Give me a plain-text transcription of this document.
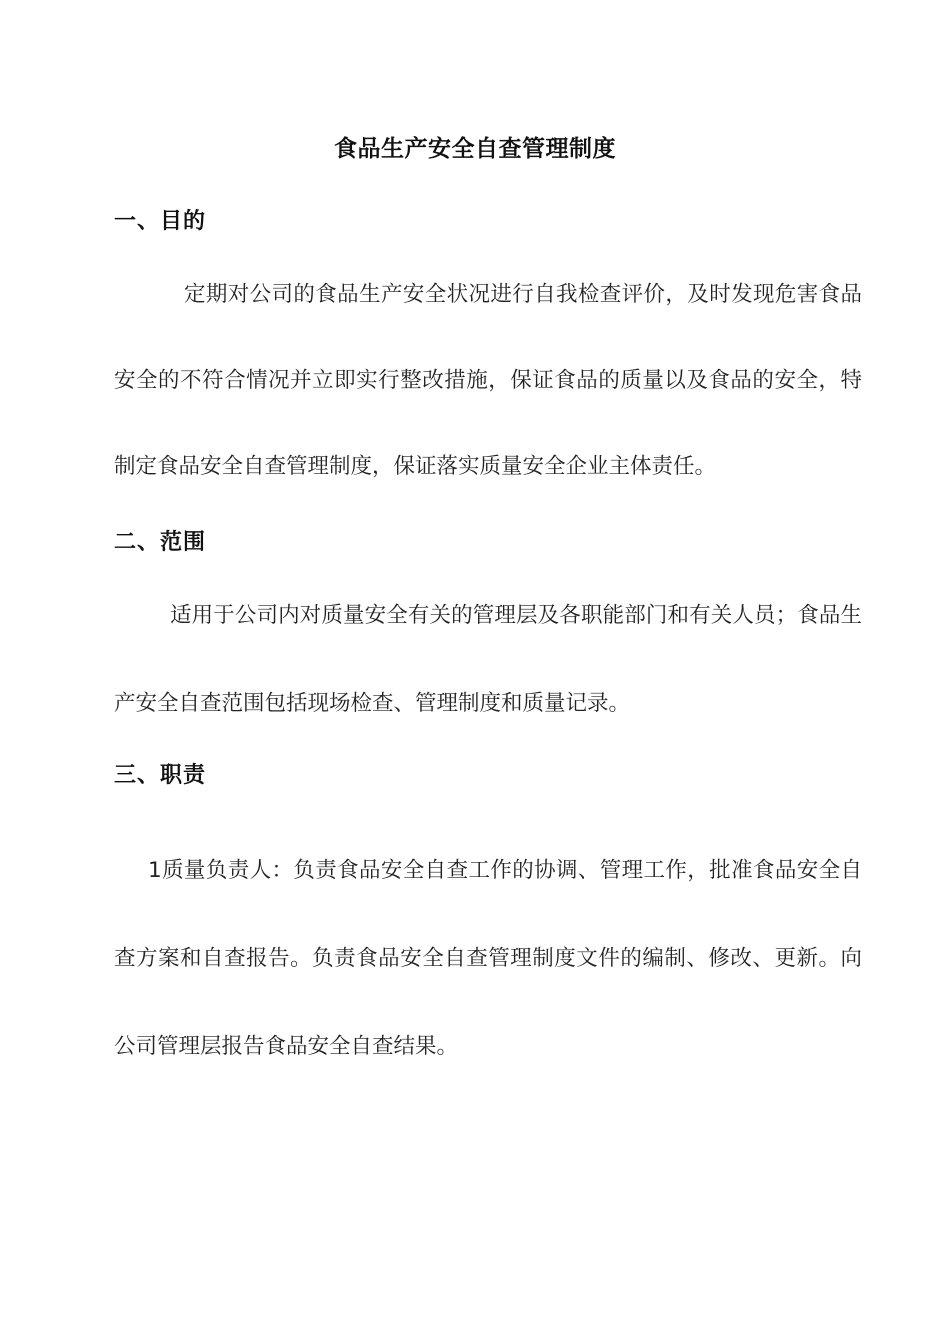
食品生产安全自查管理制度
一、目的

定期对公司的食品生产安全状况进行自我检查评价，及时发现危害食品安全的不符合情况并立即实行整改措施，保证食品的质量以及食品的安全，特制定食品安全自查管理制度，保证落实质量安全企业主体责任。

二、范围

适用于公司内对质量安全有关的管理层及各职能部门和有关人员；食品生产安全自查范围包括现场检查、管理制度和质量记录。

三、职责

1质量负责人：负责食品安全自查工作的协调、管理工作，批准食品安全自查方案和自查报告。负责食品安全自查管理制度文件的编制、修改、更新。向公司管理层报告食品安全自查结果。
